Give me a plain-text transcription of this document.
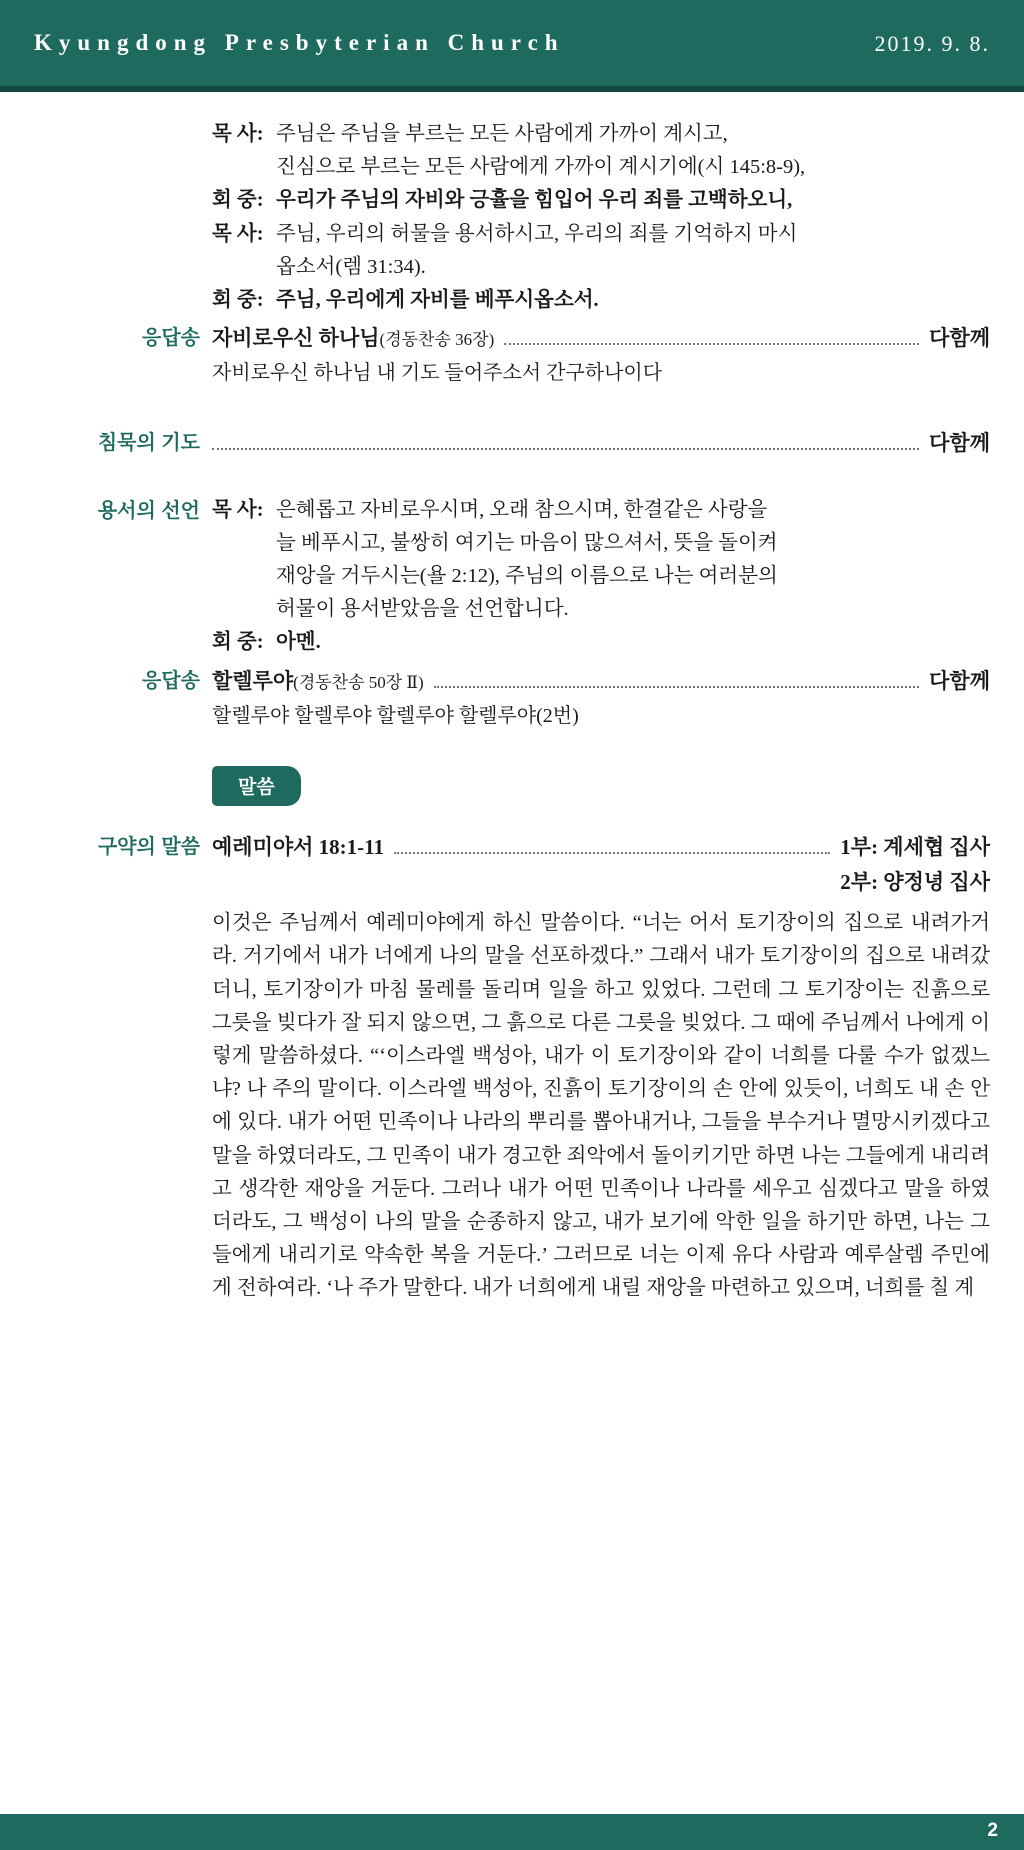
Kyungdong Presbyterian Church	2019. 9. 8.
목 사: 주님은 주님을 부르는 모든 사람에게 가까이 계시고,
진심으로 부르는 모든 사람에게 가까이 계시기에(시 145:8-9),
회 중: 우리가 주님의 자비와 긍휼을 힘입어 우리 죄를 고백하오니,
목 사: 주님, 우리의 허물을 용서하시고, 우리의 죄를 기억하지 마시
옵소서(렘 31:34).
회 중: 주님, 우리에게 자비를 베푸시옵소서.
응답송 자비로우신 하나님 (경동찬송 36장)	다함께
자비로우신 하나님 내 기도 들어주소서 간구하나이다
침묵의 기도	다함께
용서의 선언 목 사: 은혜롭고 자비로우시며, 오래 참으시며, 한결같은 사랑을
늘 베푸시고, 불쌍히 여기는 마음이 많으셔서, 뜻을 돌이켜
재앙을 거두시는(욜 2:12), 주님의 이름으로 나는 여러분의
허물이 용서받았음을 선언합니다.
회 중: 아멘.
응답송 할렐루야 (경동찬송 50장 Ⅱ)	다함께
할렐루야 할렐루야 할렐루야 할렐루야(2번)
말씀
구약의 말씀 예레미야서 18:1-11	1부: 계세협 집사
2부: 양정녕 집사
이것은 주님께서 예레미야에게 하신 말씀이다. “너는 어서 토기장이의 집으로 내려가거라. 거기에서 내가 너에게 나의 말을 선포하겠다.” 그래서 내가 토기장이의 집으로 내려갔더니, 토기장이가 마침 물레를 돌리며 일을 하고 있었다. 그런데 그 토기장이는 진흙으로 그릇을 빚다가 잘 되지 않으면, 그 흙으로 다른 그릇을 빚었다. 그 때에 주님께서 나에게 이렇게 말씀하셨다. “‘이스라엘 백성아, 내가 이 토기장이와 같이 너희를 다룰 수가 없겠느냐? 나 주의 말이다. 이스라엘 백성아, 진흙이 토기장이의 손 안에 있듯이, 너희도 내 손 안에 있다. 내가 어떤 민족이나 나라의 뿌리를 뽑아내거나, 그들을 부수거나 멸망시키겠다고 말을 하였더라도, 그 민족이 내가 경고한 죄악에서 돌이키기만 하면 나는 그들에게 내리려고 생각한 재앙을 거둔다. 그러나 내가 어떤 민족이나 나라를 세우고 심겠다고 말을 하였더라도, 그 백성이 나의 말을 순종하지 않고, 내가 보기에 악한 일을 하기만 하면, 나는 그들에게 내리기로 약속한 복을 거둔다.’ 그러므로 너는 이제 유다 사람과 예루살렘 주민에게 전하여라. ‘나 주가 말한다. 내가 너희에게 내릴 재앙을 마련하고 있으며, 너희를 칠 계
2
